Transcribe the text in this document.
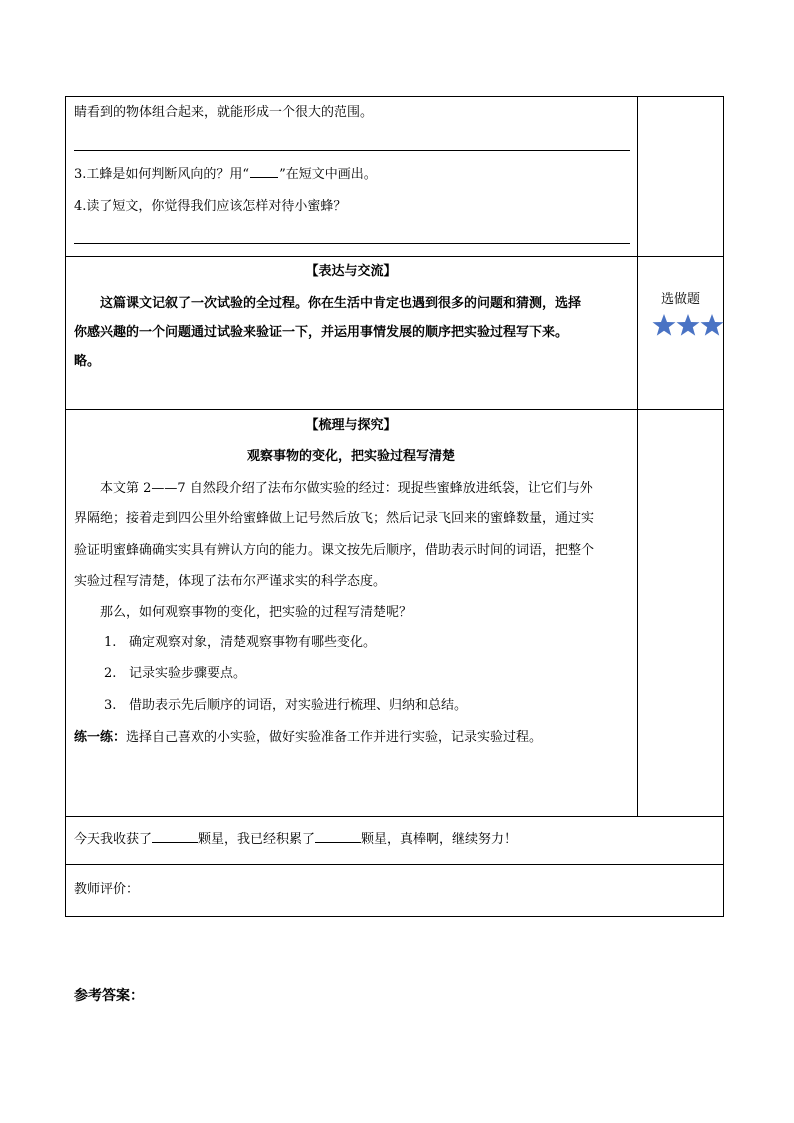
睛看到的物体组合起来，就能形成一个很大的范围。
3.工蜂是如何判断风向的？用“ ”在短文中画出。
4.读了短文，你觉得我们应该怎样对待小蜜蜂？
【表达与交流】
这篇课文记叙了一次试验的全过程。你在生活中肯定也遇到很多的问题和猜测，选择
你感兴趣的一个问题通过试验来验证一下，并运用事情发展的顺序把实验过程写下来。
略。
选做题
【梳理与探究】
观察事物的变化，把实验过程写清楚
本文第 2——7 自然段介绍了法布尔做实验的经过：现捉些蜜蜂放进纸袋，让它们与外
界隔绝；接着走到四公里外给蜜蜂做上记号然后放飞；然后记录飞回来的蜜蜂数量，通过实
验证明蜜蜂确确实实具有辨认方向的能力。课文按先后顺序，借助表示时间的词语，把整个
实验过程写清楚，体现了法布尔严谨求实的科学态度。
那么，如何观察事物的变化，把实验的过程写清楚呢？
1. 确定观察对象，清楚观察事物有哪些变化。
2. 记录实验步骤要点。
3. 借助表示先后顺序的词语，对实验进行梳理、归纳和总结。
练一练：选择自己喜欢的小实验，做好实验准备工作并进行实验，记录实验过程。
今天我收获了	颗星，我已经积累了	颗星，真棒啊，继续努力！
教师评价：
参考答案：
